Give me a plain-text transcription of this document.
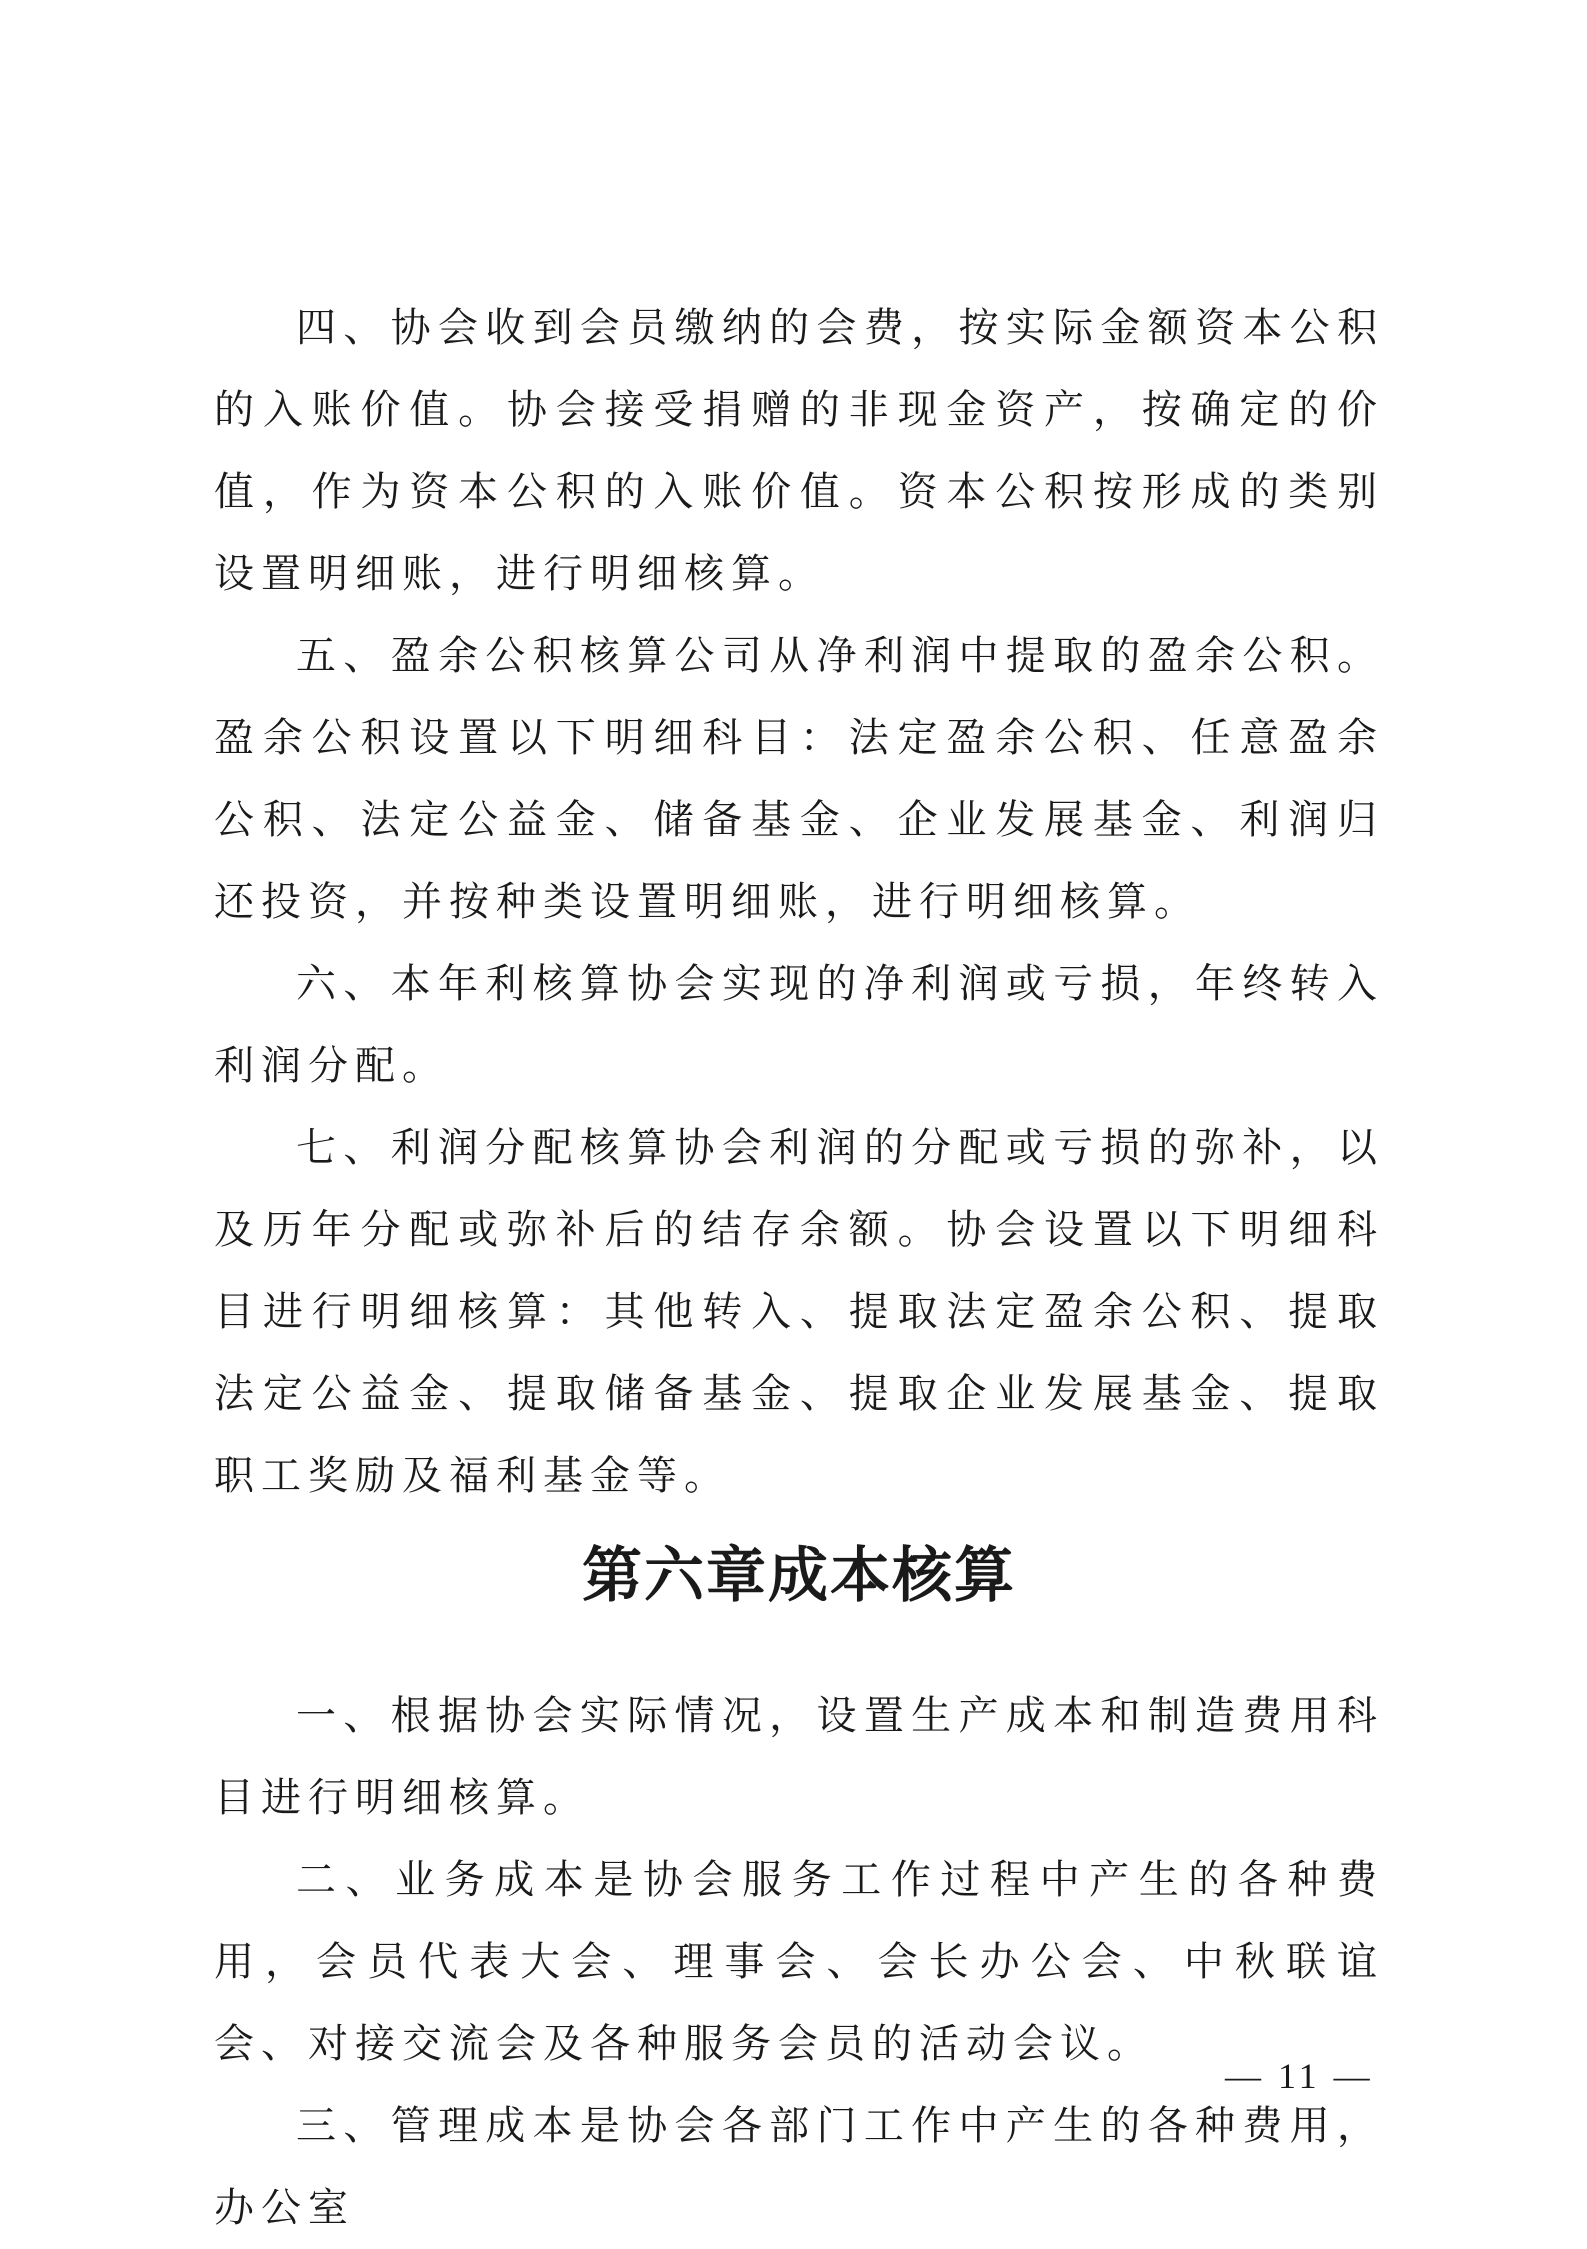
四、协会收到会员缴纳的会费，按实际金额资本公积的入账价值。协会接受捐赠的非现金资产，按确定的价值，作为资本公积的入账价值。资本公积按形成的类别设置明细账，进行明细核算。

五、盈余公积核算公司从净利润中提取的盈余公积。盈余公积设置以下明细科目：法定盈余公积、任意盈余公积、法定公益金、储备基金、企业发展基金、利润归还投资，并按种类设置明细账，进行明细核算。

六、本年利核算协会实现的净利润或亏损，年终转入利润分配。

七、利润分配核算协会利润的分配或亏损的弥补，以及历年分配或弥补后的结存余额。协会设置以下明细科目进行明细核算：其他转入、提取法定盈余公积、提取法定公益金、提取储备基金、提取企业发展基金、提取职工奖励及福利基金等。

第六章成本核算

一、根据协会实际情况，设置生产成本和制造费用科目进行明细核算。

二、业务成本是协会服务工作过程中产生的各种费用，会员代表大会、理事会、会长办公会、中秋联谊会、对接交流会及各种服务会员的活动会议。

三、管理成本是协会各部门工作中产生的各种费用，办公室

— 11 —
